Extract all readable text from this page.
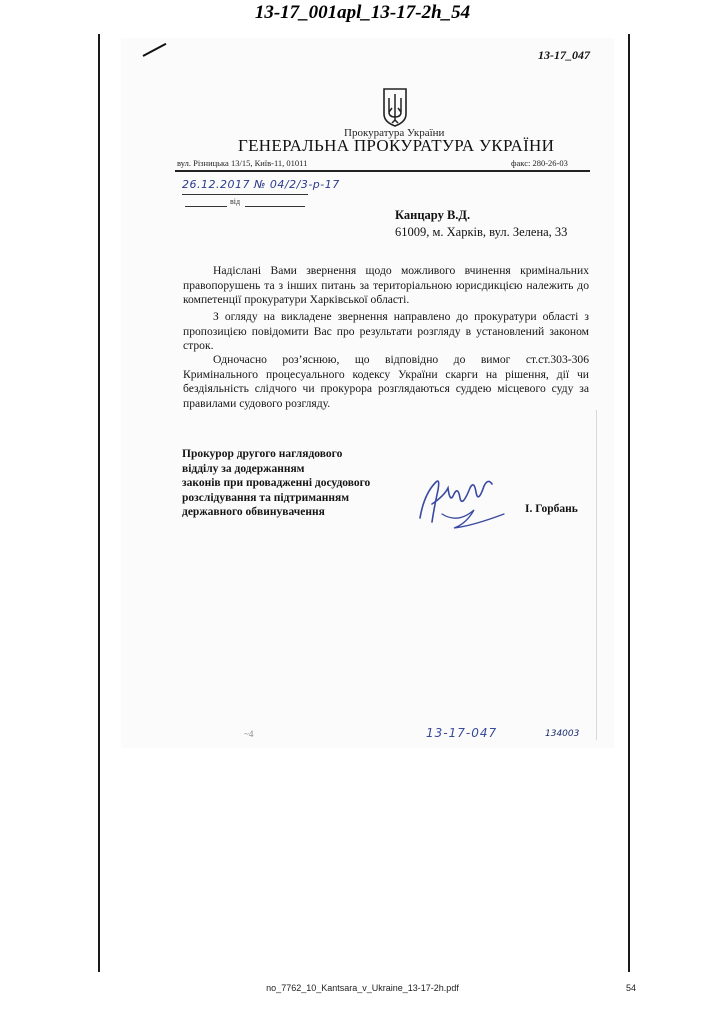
13-17_001apl_13-17-2h_54
13-17_047
Прокуратура України
ГЕНЕРАЛЬНА ПРОКУРАТУРА УКРАЇНИ
вул. Різницька 13/15, Київ-11, 01011	факс: 280-26-03
26.12.2017 № 04/2/3-р-17
від
Канцару В.Д.
61009, м. Харків, вул. Зелена, 33
Надіслані Вами звернення щодо можливого вчинення кримінальних правопорушень та з інших питань за територіальною юрисдикцією належить до компетенції прокуратури Харківської області.
З огляду на викладене звернення направлено до прокуратури області з пропозицією повідомити Вас про результати розгляду в установлений законом строк.
Одночасно роз’яснюю, що відповідно до вимог ст.ст.303-306 Кримінального процесуального кодексу України скарги на рішення, дії чи бездіяльність слідчого чи прокурора розглядаються суддею місцевого суду за правилами судового розгляду.
Прокурор другого наглядового
відділу за додержанням
законів при провадженні досудового
розслідування та підтриманням
державного обвинувачення	І. Горбань
~4	13-17-047	134003
no_7762_10_Kantsara_v_Ukraine_13-17-2h.pdf	54
